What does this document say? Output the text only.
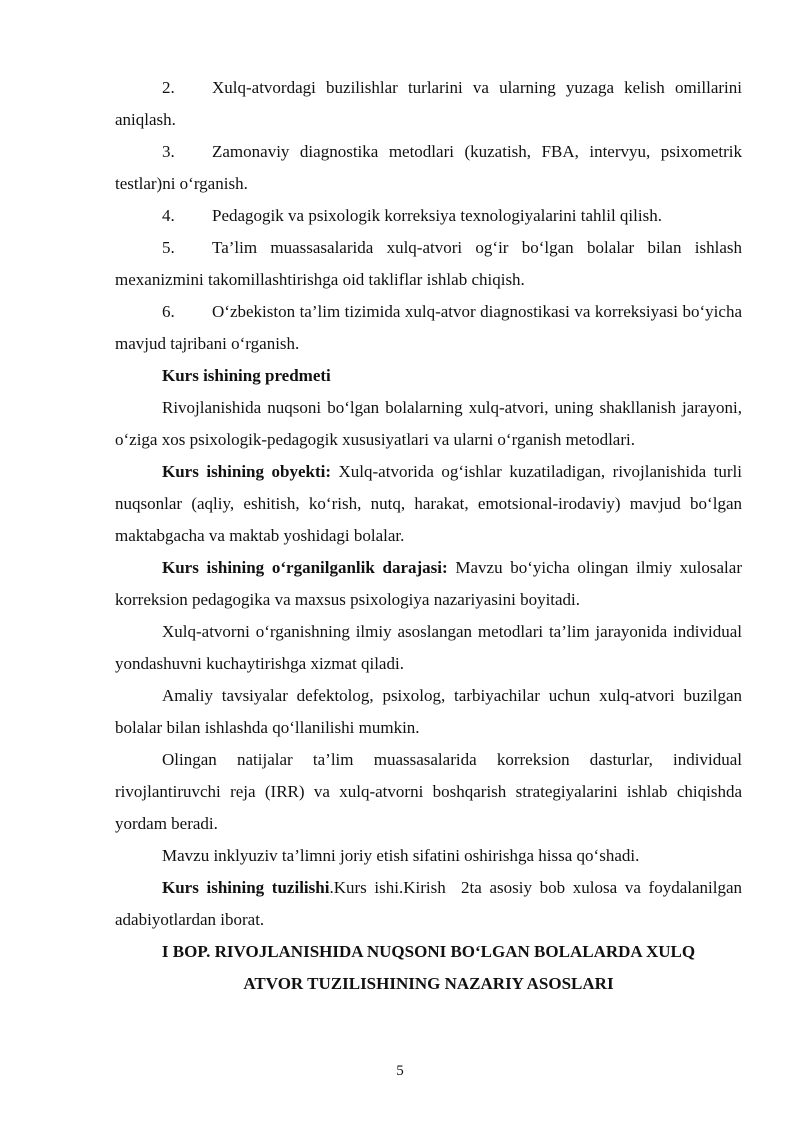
2. Xulq-atvordagi buzilishlar turlarini va ularning yuzaga kelish omillarini aniqlash.

3. Zamonaviy diagnostika metodlari (kuzatish, FBA, intervyu, psixometrik testlar)ni o‘rganish.

4. Pedagogik va psixologik korreksiya texnologiyalarini tahlil qilish.

5. Ta’lim muassasalarida xulq-atvori og‘ir bo‘lgan bolalar bilan ishlash mexanizmini takomillashtirishga oid takliflar ishlab chiqish.

6. O‘zbekiston ta’lim tizimida xulq-atvor diagnostikasi va korreksiyasi bo‘yicha mavjud tajribani o‘rganish.

Kurs ishining predmeti

Rivojlanishida nuqsoni bo‘lgan bolalarning xulq-atvori, uning shakllanish jarayoni, o‘ziga xos psixologik-pedagogik xususiyatlari va ularni o‘rganish metodlari.

Kurs ishining obyekti: Xulq-atvorida og‘ishlar kuzatiladigan, rivojlanishida turli nuqsonlar (aqliy, eshitish, ko‘rish, nutq, harakat, emotsional-irodaviy) mavjud bo‘lgan maktabgacha va maktab yoshidagi bolalar.

Kurs ishining o‘rganilganlik darajasi: Mavzu bo‘yicha olingan ilmiy xulosalar korreksion pedagogika va maxsus psixologiya nazariyasini boyitadi.

Xulq-atvorni o‘rganishning ilmiy asoslangan metodlari ta’lim jarayonida individual yondashuvni kuchaytirishga xizmat qiladi.

Amaliy tavsiyalar defektolog, psixolog, tarbiyachilar uchun xulq-atvori buzilgan bolalar bilan ishlashda qo‘llanilishi mumkin.

Olingan natijalar ta’lim muassasalarida korreksion dasturlar, individual rivojlantiruvchi reja (IRR) va xulq-atvorni boshqarish strategiyalarini ishlab chiqishda yordam beradi.

Mavzu inklyuziv ta’limni joriy etish sifatini oshirishga hissa qo‘shadi.

Kurs ishining tuzilishi.Kurs ishi.Kirish  2ta asosiy bob xulosa va foydalanilgan adabiyotlardan iborat.

I BOP. RIVOJLANISHIDA NUQSONI BO‘LGAN BOLALARDA XULQ
ATVOR TUZILISHINING NAZARIY ASOSLARI
5
